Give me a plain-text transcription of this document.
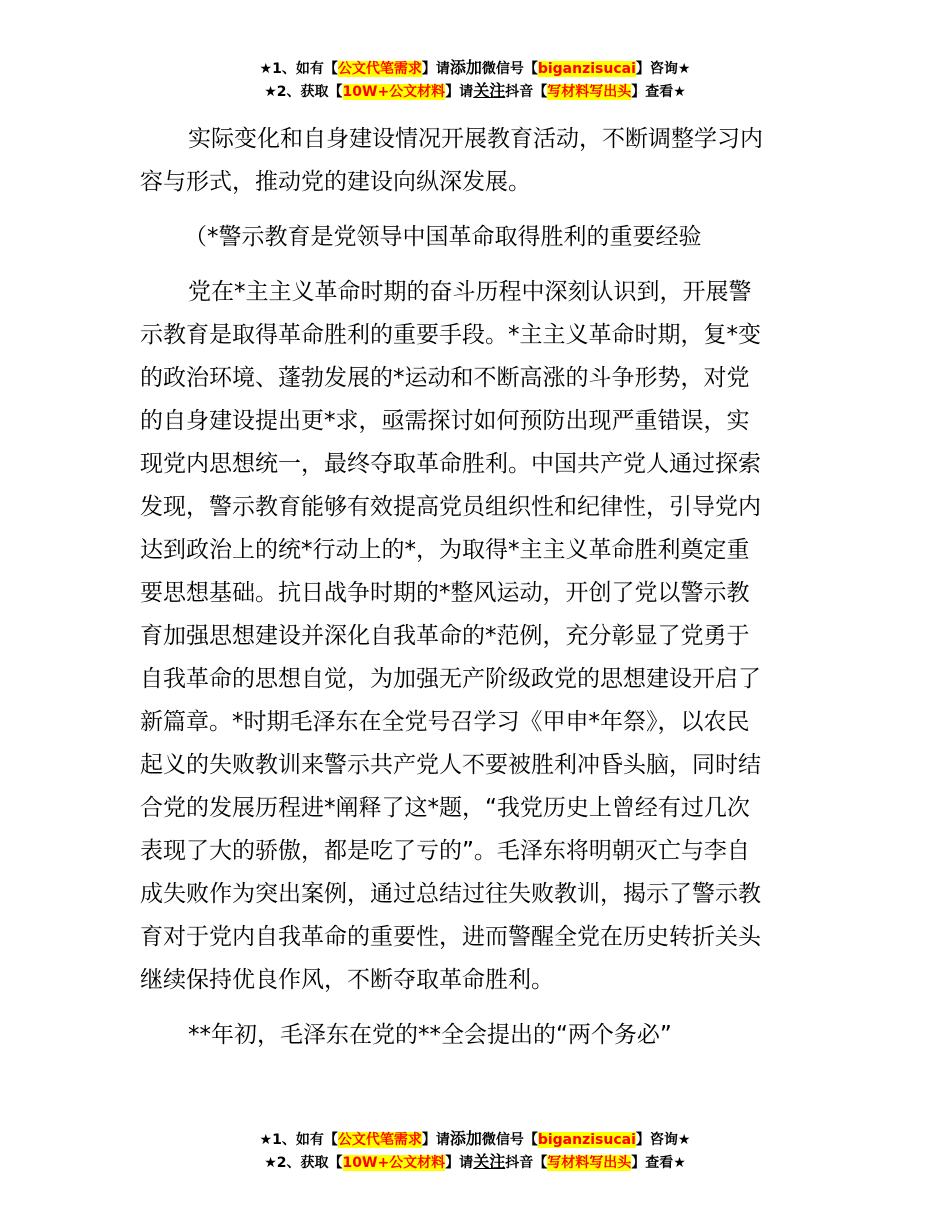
★1、如有【公文代笔需求】请添加微信号【biganzisucai】咨询★
★2、获取【10W+公文材料】请关注抖音【写材料写出头】查看★

实际变化和自身建设情况开展教育活动，不断调整学习内

容与形式，推动党的建设向纵深发展。

（*警示教育是党领导中国革命取得胜利的重要经验

党在*主主义革命时期的奋斗历程中深刻认识到，开展警

示教育是取得革命胜利的重要手段。*主主义革命时期，复*变

的政治环境、蓬勃发展的*运动和不断高涨的斗争形势，对党

的自身建设提出更*求，亟需探讨如何预防出现严重错误，实

现党内思想统一，最终夺取革命胜利。中国共产党人通过探索

发现，警示教育能够有效提高党员组织性和纪律性，引导党内

达到政治上的统*行动上的*，为取得*主主义革命胜利奠定重

要思想基础。抗日战争时期的*整风运动，开创了党以警示教

育加强思想建设并深化自我革命的*范例，充分彰显了党勇于

自我革命的思想自觉，为加强无产阶级政党的思想建设开启了

新篇章。*时期毛泽东在全党号召学习《甲申*年祭》，以农民

起义的失败教训来警示共产党人不要被胜利冲昏头脑，同时结

合党的发展历程进*阐释了这*题，“我党历史上曾经有过几次

表现了大的骄傲，都是吃了亏的”。毛泽东将明朝灭亡与李自

成失败作为突出案例，通过总结过往失败教训，揭示了警示教

育对于党内自我革命的重要性，进而警醒全党在历史转折关头

继续保持优良作风，不断夺取革命胜利。

**年初，毛泽东在党的**全会提出的“两个务必”

★1、如有【公文代笔需求】请添加微信号【biganzisucai】咨询★
★2、获取【10W+公文材料】请关注抖音【写材料写出头】查看★
